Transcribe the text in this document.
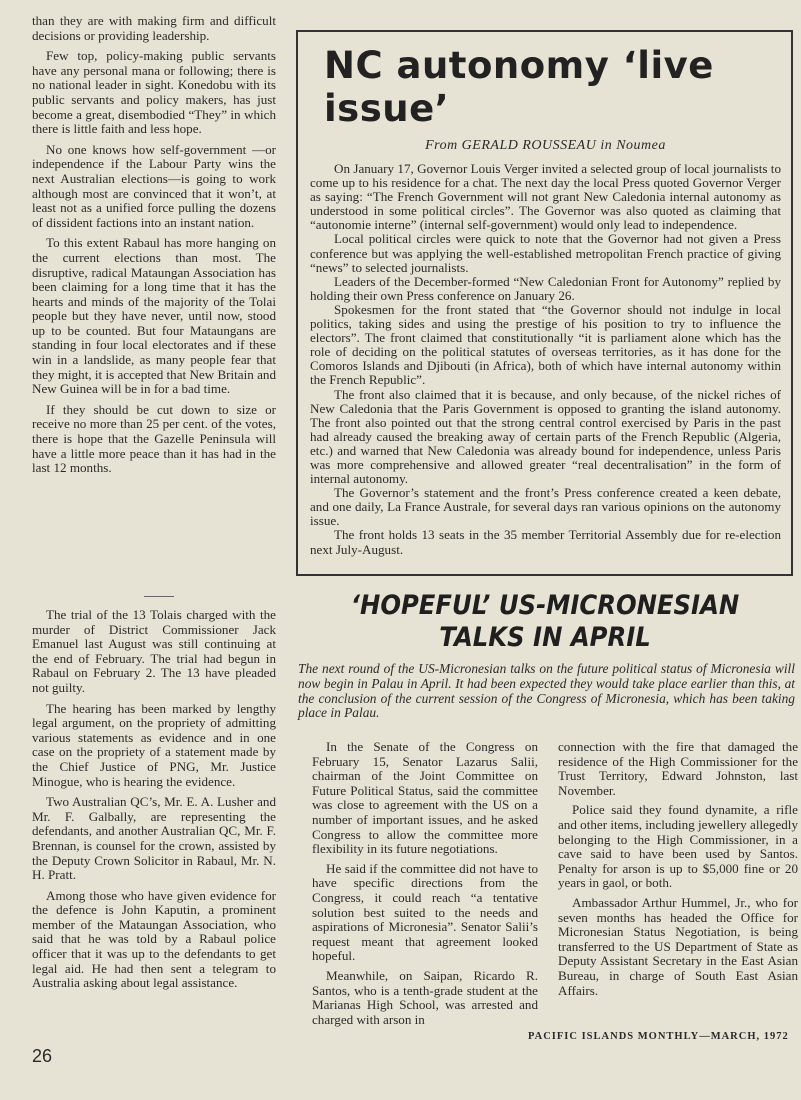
than they are with making firm and difficult decisions or providing leadership.

Few top, policy-making public servants have any personal mana or following; there is no national leader in sight. Konedobu with its public servants and policy makers, has just become a great, disembodied “They” in which there is little faith and less hope.

No one knows how self-government —or independence if the Labour Party wins the next Australian elections—is going to work although most are convinced that it won’t, at least not as a unified force pulling the dozens of dissident factions into an instant nation.

To this extent Rabaul has more hanging on the current elections than most. The disruptive, radical Mataungan Association has been claiming for a long time that it has the hearts and minds of the majority of the Tolai people but they have never, until now, stood up to be counted. But four Mataungans are standing in four local electorates and if these win in a landslide, as many people fear that they might, it is accepted that New Britain and New Guinea will be in for a bad time.

If they should be cut down to size or receive no more than 25 per cent. of the votes, there is hope that the Gazelle Peninsula will have a little more peace than it has had in the last 12 months.

NC autonomy ‘live issue’
From GERALD ROUSSEAU in Noumea

On January 17, Governor Louis Verger invited a selected group of local journalists to come up to his residence for a chat. The next day the local Press quoted Governor Verger as saying: “The French Government will not grant New Caledonia internal autonomy as understood in some political circles”. The Governor was also quoted as claiming that “autonomie interne” (internal self-government) would only lead to independence.

Local political circles were quick to note that the Governor had not given a Press conference but was applying the well-established metropolitan French practice of giving “news” to selected journalists.

Leaders of the December-formed “New Caledonian Front for Autonomy” replied by holding their own Press conference on January 26.

Spokesmen for the front stated that “the Governor should not indulge in local politics, taking sides and using the prestige of his position to try to influence the electors”. The front claimed that constitutionally “it is parliament alone which has the role of deciding on the political statutes of overseas territories, as it has done for the Comoros Islands and Djibouti (in Africa), both of which have internal autonomy within the French Republic”.

The front also claimed that it is because, and only because, of the nickel riches of New Caledonia that the Paris Government is opposed to granting the island autonomy. The front also pointed out that the strong central control exercised by Paris in the past had already caused the breaking away of certain parts of the French Republic (Algeria, etc.) and warned that New Caledonia was already bound for independence, unless Paris was more comprehensive and allowed greater “real decentralisation” in the form of internal autonomy.

The Governor’s statement and the front’s Press conference created a keen debate, and one daily, La France Australe, for several days ran various opinions on the autonomy issue.

The front holds 13 seats in the 35 member Territorial Assembly due for re-election next July-August.

The trial of the 13 Tolais charged with the murder of District Commissioner Jack Emanuel last August was still continuing at the end of February. The trial had begun in Rabaul on February 2. The 13 have pleaded not guilty.

The hearing has been marked by lengthy legal argument, on the propriety of admitting various statements as evidence and in one case on the propriety of a statement made by the Chief Justice of PNG, Mr. Justice Minogue, who is hearing the evidence.

Two Australian QC’s, Mr. E. A. Lusher and Mr. F. Galbally, are representing the defendants, and another Australian QC, Mr. F. Brennan, is counsel for the crown, assisted by the Deputy Crown Solicitor in Rabaul, Mr. N. H. Pratt.

Among those who have given evidence for the defence is John Kaputin, a prominent member of the Mataungan Association, who said that he was told by a Rabaul police officer that it was up to the defendants to get legal aid. He had then sent a telegram to Australia asking about legal assistance.

‘HOPEFUL’ US-MICRONESIAN
TALKS IN APRIL
The next round of the US-Micronesian talks on the future political status of Micronesia will now begin in Palau in April. It had been expected they would take place earlier than this, at the conclusion of the current session of the Congress of Micronesia, which has been taking place in Palau.

In the Senate of the Congress on February 15, Senator Lazarus Salii, chairman of the Joint Committee on Future Political Status, said the committee was close to agreement with the US on a number of important issues, and he asked Congress to allow the committee more flexibility in its future negotiations.

He said if the committee did not have to have specific directions from the Congress, it could reach “a tentative solution best suited to the needs and aspirations of Micronesia”. Senator Salii’s request meant that agreement looked hopeful.

Meanwhile, on Saipan, Ricardo R. Santos, who is a tenth-grade student at the Marianas High School, was arrested and charged with arson in

connection with the fire that damaged the residence of the High Commissioner for the Trust Territory, Edward Johnston, last November.

Police said they found dynamite, a rifle and other items, including jewellery allegedly belonging to the High Commissioner, in a cave said to have been used by Santos. Penalty for arson is up to $5,000 fine or 20 years in gaol, or both.

Ambassador Arthur Hummel, Jr., who for seven months has headed the Office for Micronesian Status Negotiation, is being transferred to the US Department of State as Deputy Assistant Secretary in the East Asian Bureau, in charge of South East Asian Affairs.

26
PACIFIC ISLANDS MONTHLY—MARCH, 1972
